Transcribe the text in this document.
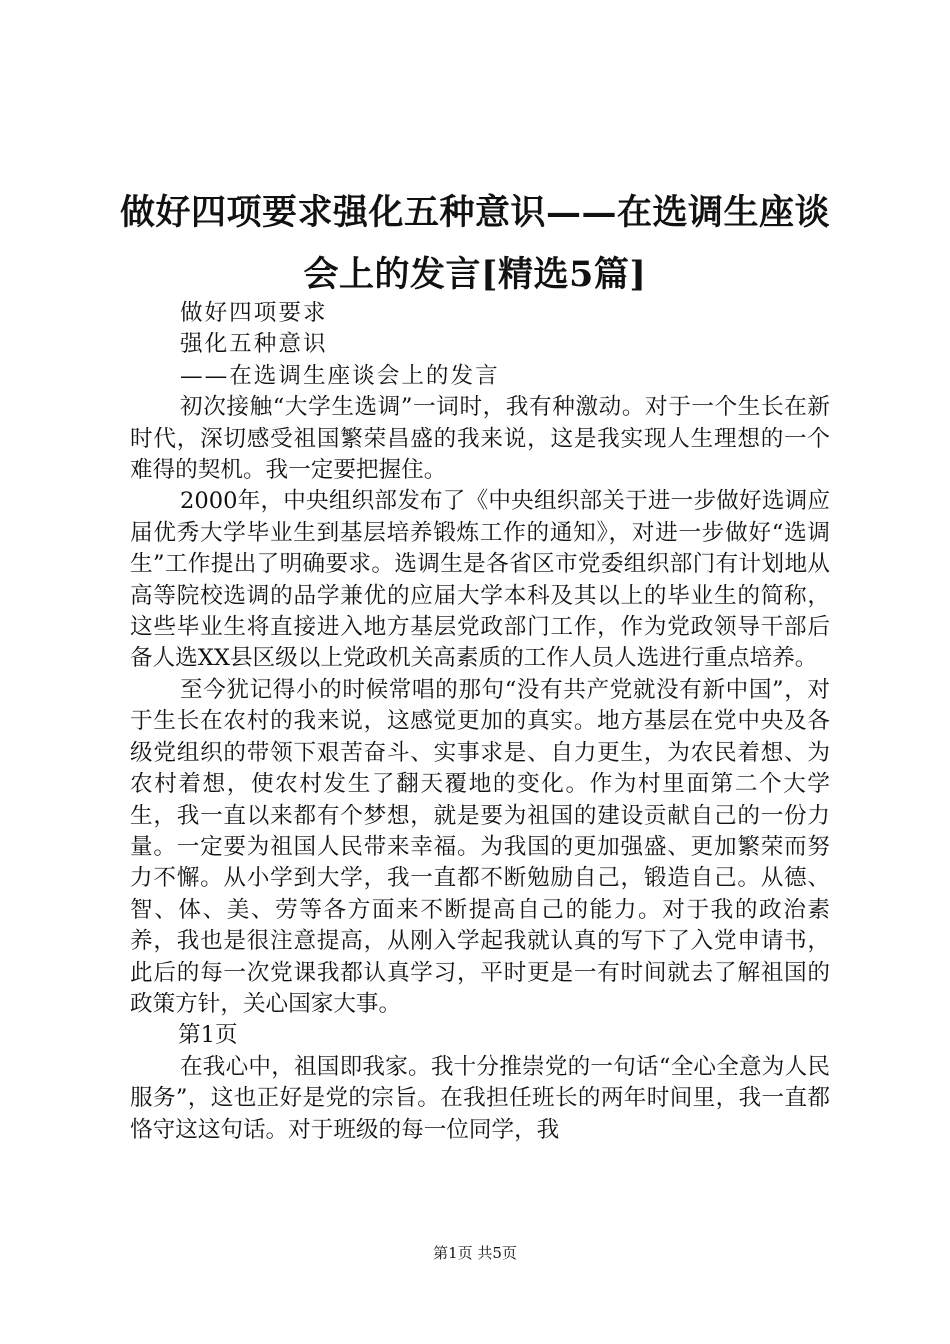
做好四项要求强化五种意识——在选调生座谈
会上的发言[精选5篇]

做好四项要求

强化五种意识

——在选调生座谈会上的发言

初次接触“大学生选调”一词时，我有种激动。对于一个生长在新时代，深切感受祖国繁荣昌盛的我来说，这是我实现人生理想的一个难得的契机。我一定要把握住。

2000年，中央组织部发布了《中央组织部关于进一步做好选调应届优秀大学毕业生到基层培养锻炼工作的通知》，对进一步做好“选调生”工作提出了明确要求。选调生是各省区市党委组织部门有计划地从高等院校选调的品学兼优的应届大学本科及其以上的毕业生的简称，这些毕业生将直接进入地方基层党政部门工作，作为党政领导干部后备人选XX县区级以上党政机关高素质的工作人员人选进行重点培养。

至今犹记得小的时候常唱的那句“没有共产党就没有新中国”，对于生长在农村的我来说，这感觉更加的真实。地方基层在党中央及各级党组织的带领下艰苦奋斗、实事求是、自力更生，为农民着想、为农村着想，使农村发生了翻天覆地的变化。作为村里面第二个大学生，我一直以来都有个梦想，就是要为祖国的建设贡献自己的一份力量。一定要为祖国人民带来幸福。为我国的更加强盛、更加繁荣而努力不懈。从小学到大学，我一直都不断勉励自己，锻造自己。从德、智、体、美、劳等各方面来不断提高自己的能力。对于我的政治素养，我也是很注意提高，从刚入学起我就认真的写下了入党申请书，此后的每一次党课我都认真学习，平时更是一有时间就去了解祖国的政策方针，关心国家大事。

第1页

在我心中，祖国即我家。我十分推崇党的一句话“全心全意为人民服务”，这也正好是党的宗旨。在我担任班长的两年时间里，我一直都恪守这这句话。对于班级的每一位同学，我

第1页 共5页
